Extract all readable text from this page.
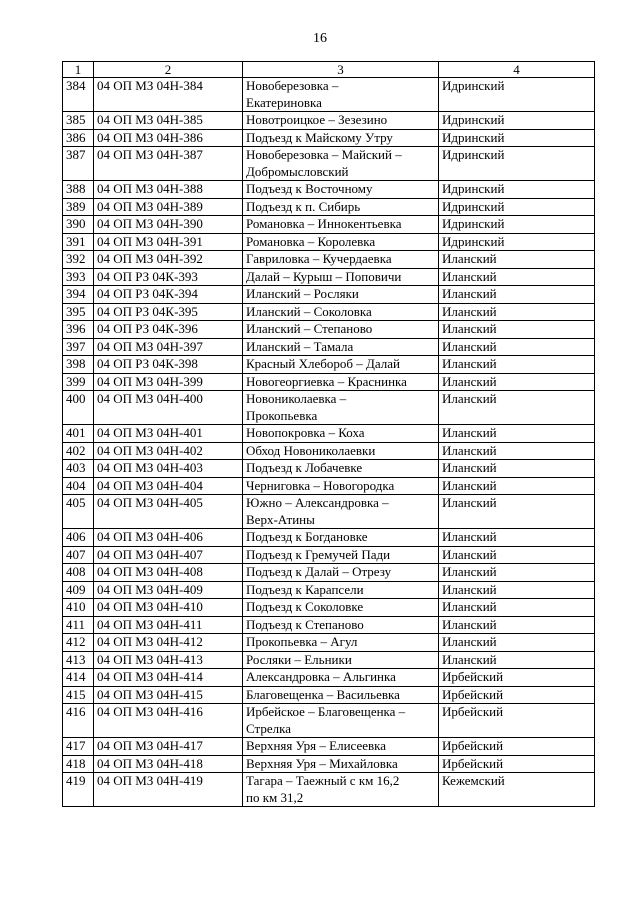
16
1	2	3	4
384	04 ОП МЗ 04Н-384	Новоберезовка –
Екатериновка	Идринский
385	04 ОП МЗ 04Н-385	Новотроицкое – Зезезино	Идринский
386	04 ОП МЗ 04Н-386	Подъезд к Майскому Утру	Идринский
387	04 ОП МЗ 04Н-387	Новоберезовка – Майский –
Добромысловский	Идринский
388	04 ОП МЗ 04Н-388	Подъезд к Восточному	Идринский
389	04 ОП МЗ 04Н-389	Подъезд к п. Сибирь	Идринский
390	04 ОП МЗ 04Н-390	Романовка – Иннокентьевка	Идринский
391	04 ОП МЗ 04Н-391	Романовка – Королевка	Идринский
392	04 ОП МЗ 04Н-392	Гавриловка – Кучердаевка	Иланский
393	04 ОП РЗ 04К-393	Далай – Курыш – Поповичи	Иланский
394	04 ОП РЗ 04К-394	Иланский – Росляки	Иланский
395	04 ОП РЗ 04К-395	Иланский – Соколовка	Иланский
396	04 ОП РЗ 04К-396	Иланский – Степаново	Иланский
397	04 ОП МЗ 04Н-397	Иланский – Тамала	Иланский
398	04 ОП РЗ 04К-398	Красный Хлебороб – Далай	Иланский
399	04 ОП МЗ 04Н-399	Новогеоргиевка – Краснинка	Иланский
400	04 ОП МЗ 04Н-400	Новониколаевка –
Прокопьевка	Иланский
401	04 ОП МЗ 04Н-401	Новопокровка – Коха	Иланский
402	04 ОП МЗ 04Н-402	Обход Новониколаевки	Иланский
403	04 ОП МЗ 04Н-403	Подъезд к Лобачевке	Иланский
404	04 ОП МЗ 04Н-404	Черниговка – Новогородка	Иланский
405	04 ОП МЗ 04Н-405	Южно – Александровка –
Верх-Атины	Иланский
406	04 ОП МЗ 04Н-406	Подъезд к Богдановке	Иланский
407	04 ОП МЗ 04Н-407	Подъезд к Гремучей Пади	Иланский
408	04 ОП МЗ 04Н-408	Подъезд к Далай – Отрезу	Иланский
409	04 ОП МЗ 04Н-409	Подъезд к Карапсели	Иланский
410	04 ОП МЗ 04Н-410	Подъезд к Соколовке	Иланский
411	04 ОП МЗ 04Н-411	Подъезд к Степаново	Иланский
412	04 ОП МЗ 04Н-412	Прокопьевка – Агул	Иланский
413	04 ОП МЗ 04Н-413	Росляки – Ельники	Иланский
414	04 ОП МЗ 04Н-414	Александровка – Альгинка	Ирбейский
415	04 ОП МЗ 04Н-415	Благовещенка – Васильевка	Ирбейский
416	04 ОП МЗ 04Н-416	Ирбейское – Благовещенка –
Стрелка	Ирбейский
417	04 ОП МЗ 04Н-417	Верхняя Уря – Елисеевка	Ирбейский
418	04 ОП МЗ 04Н-418	Верхняя Уря – Михайловка	Ирбейский
419	04 ОП МЗ 04Н-419	Тагара – Таежный с км 16,2
по км 31,2	Кежемский
